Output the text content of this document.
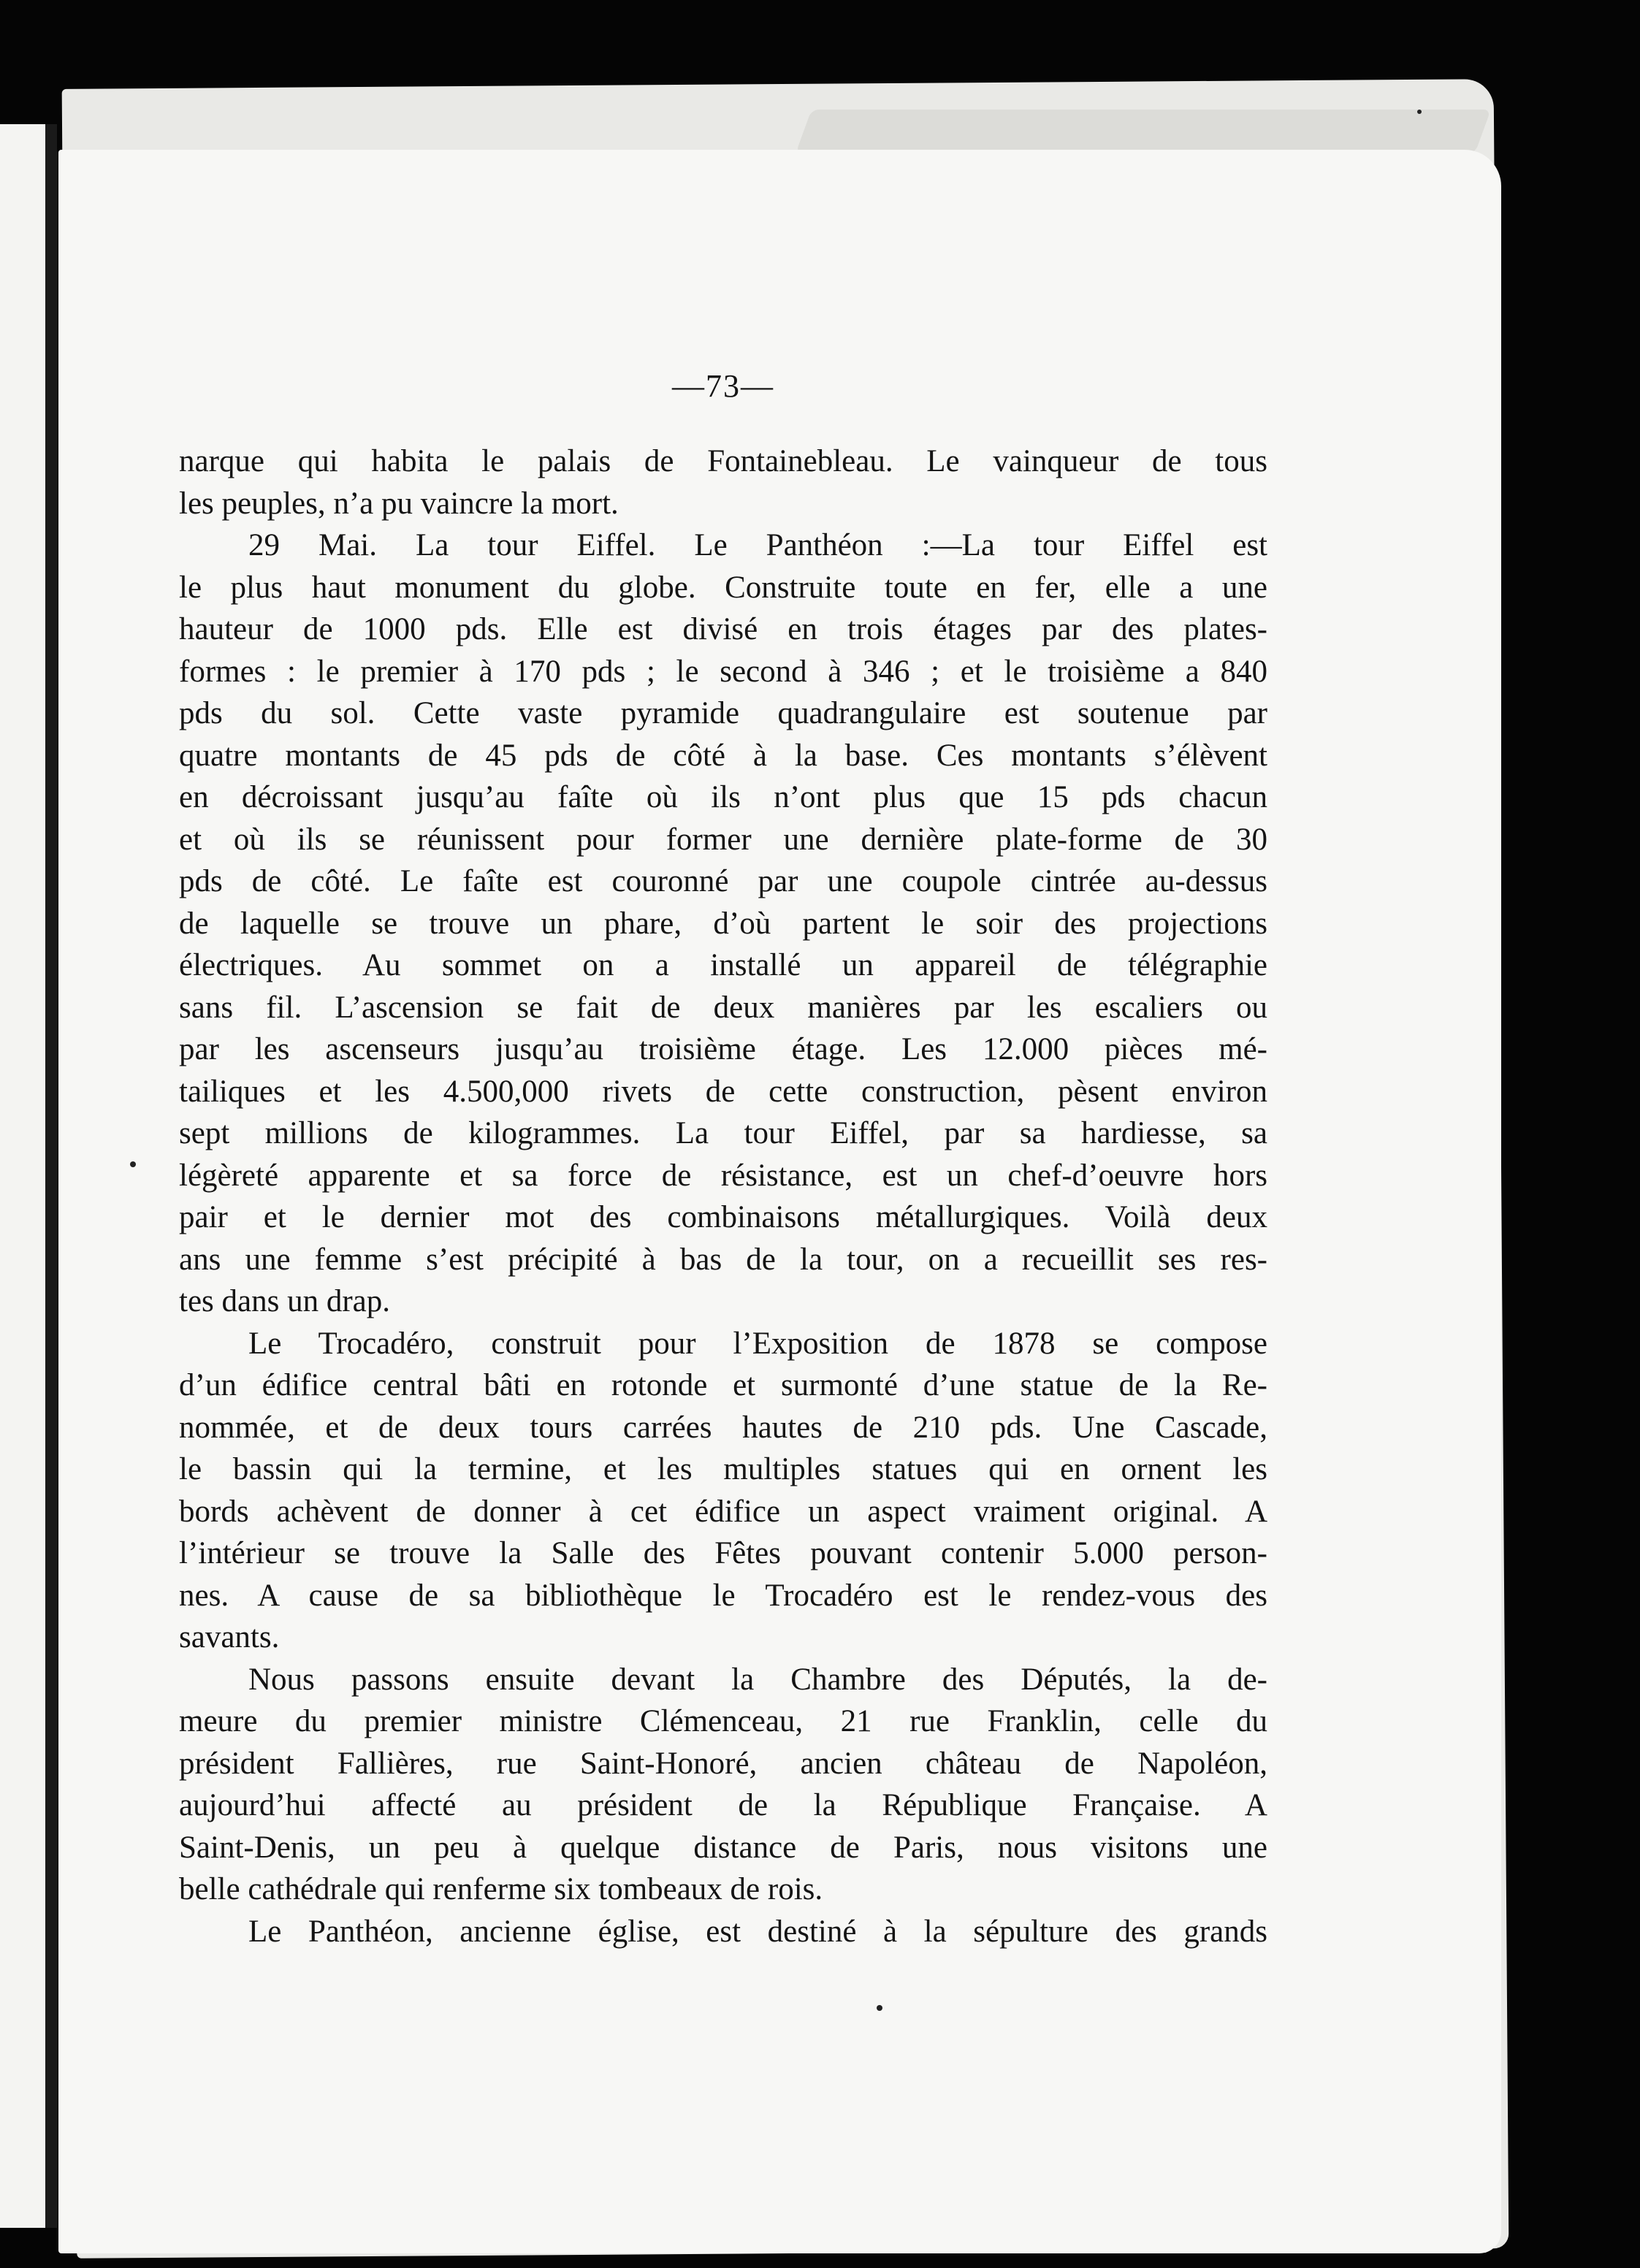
—73—
narque qui habita le palais de Fontainebleau. Le vainqueur de tous
les peuples, n’a pu vaincre la mort.
29 Mai. La tour Eiffel. Le Panthéon :—La tour Eiffel est
le plus haut monument du globe. Construite toute en fer, elle a une
hauteur de 1000 pds. Elle est divisé en trois étages par des plates-
formes : le premier à 170 pds ; le second à 346 ; et le troisième a 840
pds du sol. Cette vaste pyramide quadrangulaire est soutenue par
quatre montants de 45 pds de côté à la base. Ces montants s’élèvent
en décroissant jusqu’au faîte où ils n’ont plus que 15 pds chacun
et où ils se réunissent pour former une dernière plate-forme de 30
pds de côté. Le faîte est couronné par une coupole cintrée au-dessus
de laquelle se trouve un phare, d’où partent le soir des projections
électriques. Au sommet on a installé un appareil de télégraphie
sans fil. L’ascension se fait de deux manières par les escaliers ou
par les ascenseurs jusqu’au troisième étage. Les 12.000 pièces mé-
tailiques et les 4.500,000 rivets de cette construction, pèsent environ
sept millions de kilogrammes. La tour Eiffel, par sa hardiesse, sa
légèreté apparente et sa force de résistance, est un chef-d’oeuvre hors
pair et le dernier mot des combinaisons métallurgiques. Voilà deux
ans une femme s’est précipité à bas de la tour, on a recueillit ses res-
tes dans un drap.
Le Trocadéro, construit pour l’Exposition de 1878 se compose
d’un édifice central bâti en rotonde et surmonté d’une statue de la Re-
nommée, et de deux tours carrées hautes de 210 pds. Une Cascade,
le bassin qui la termine, et les multiples statues qui en ornent les
bords achèvent de donner à cet édifice un aspect vraiment original. A
l’intérieur se trouve la Salle des Fêtes pouvant contenir 5.000 person-
nes. A cause de sa bibliothèque le Trocadéro est le rendez-vous des
savants.
Nous passons ensuite devant la Chambre des Députés, la de-
meure du premier ministre Clémenceau, 21 rue Franklin, celle du
président Fallières, rue Saint-Honoré, ancien château de Napoléon,
aujourd’hui affecté au président de la République Française. A
Saint-Denis, un peu à quelque distance de Paris, nous visitons une
belle cathédrale qui renferme six tombeaux de rois.
Le Panthéon, ancienne église, est destiné à la sépulture des grands
